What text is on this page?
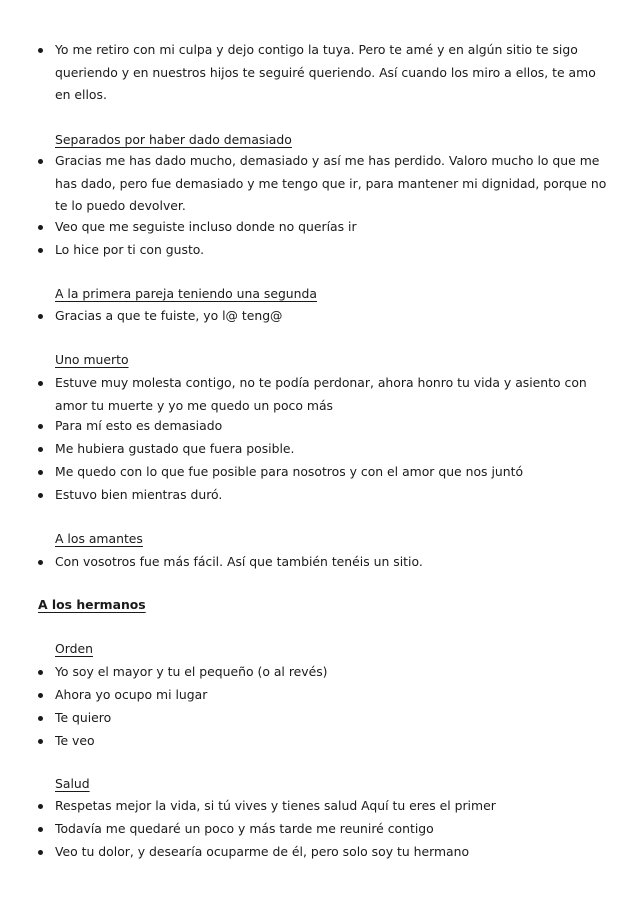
Yo me retiro con mi culpa y dejo contigo la tuya. Pero te amé y en algún sitio te sigo queriendo y en nuestros hijos te seguiré queriendo. Así cuando los miro a ellos, te amo en ellos.
Separados por haber dado demasiado
Gracias me has dado mucho, demasiado y así me has perdido. Valoro mucho lo que me has dado, pero fue demasiado y me tengo que ir, para mantener mi dignidad, porque no te lo puedo devolver.
Veo que me seguiste incluso donde no querías ir
Lo hice por ti con gusto.
A la primera pareja teniendo una segunda
Gracias a que te fuiste, yo l@ teng@
Uno muerto
Estuve muy molesta contigo, no te podía perdonar, ahora honro tu vida y asiento con amor tu muerte y yo me quedo un poco más
Para mí esto es demasiado
Me hubiera gustado que fuera posible.
Me quedo con lo que fue posible para nosotros y con el amor que nos juntó
Estuvo bien mientras duró.
A los amantes
Con vosotros fue más fácil. Así que también tenéis un sitio.
A los hermanos
Orden
Yo soy el mayor y tu el pequeño (o al revés)
Ahora yo ocupo mi lugar
Te quiero
Te veo
Salud
Respetas mejor la vida, si tú vives y tienes salud Aquí tu eres el primer
Todavía me quedaré un poco y más tarde me reuniré contigo
Veo tu dolor, y desearía ocuparme de él, pero solo soy tu hermano
